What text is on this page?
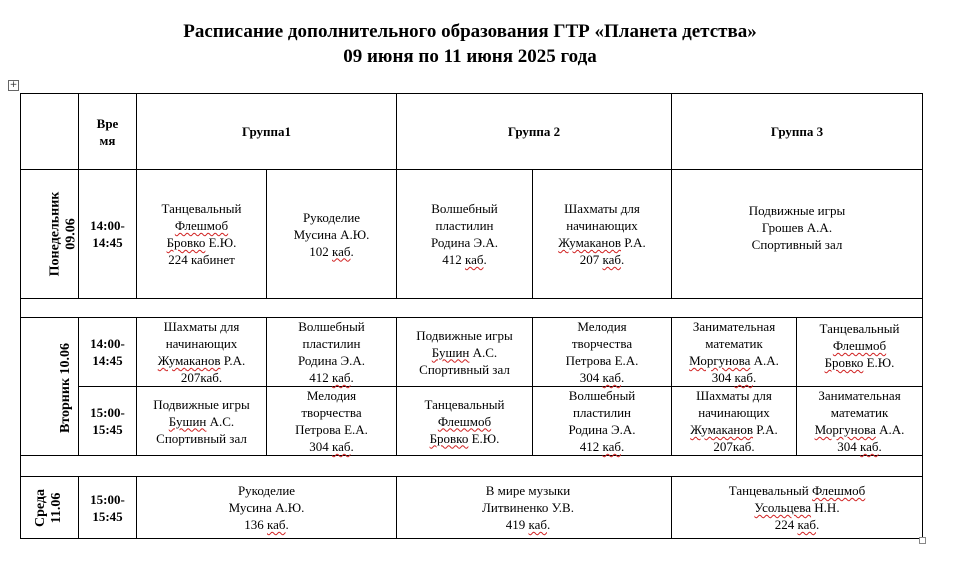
Расписание дополнительного образования ГТР «Планета детства»
09 июня по 11 июня 2025 года
+

	Вре
мя	Группа1		Группа 2		Группа 3	

Понедельник 09.06	14:00-
14:45	Танцевальный
Флешмоб
Бровко Е.Ю.
224 кабинет	Рукоделие
Мусина А.Ю.
102 каб.	Волшебный
пластилин
Родина Э.А.
412 каб.	Шахматы для
начинающих
Жумаканов Р.А.
207 каб.	Подвижные игры
Грошев А.А.
Спортивный зал	

Вторник 10.06	14:00-
14:45	Шахматы для
начинающих
Жумаканов Р.А.
207каб.	Волшебный
пластилин
Родина Э.А.
412 каб.	Подвижные игры
Бушин А.С.
Спортивный зал	Мелодия
творчества
Петрова Е.А.
304 каб.	Занимательная
математик
Моргунова А.А.
304 каб.	Танцевальный
Флешмоб
Бровко Е.Ю.

	15:00-
15:45	Подвижные игры
Бушин А.С.
Спортивный зал	Мелодия
творчества
Петрова Е.А.
304 каб.	Танцевальный
Флешмоб
Бровко Е.Ю.	Волшебный
пластилин
Родина Э.А.
412 каб.	Шахматы для
начинающих
Жумаканов Р.А.
207каб.	Занимательная
математик
Моргунова А.А.
304 каб.

Среда 11.06	15:00-
15:45	Рукоделие
Мусина А.Ю.
136 каб.		В мире музыки
Литвиненко У.В.
419 каб.		Танцевальный Флешмоб
Усольцева Н.Н.
224 каб.	
